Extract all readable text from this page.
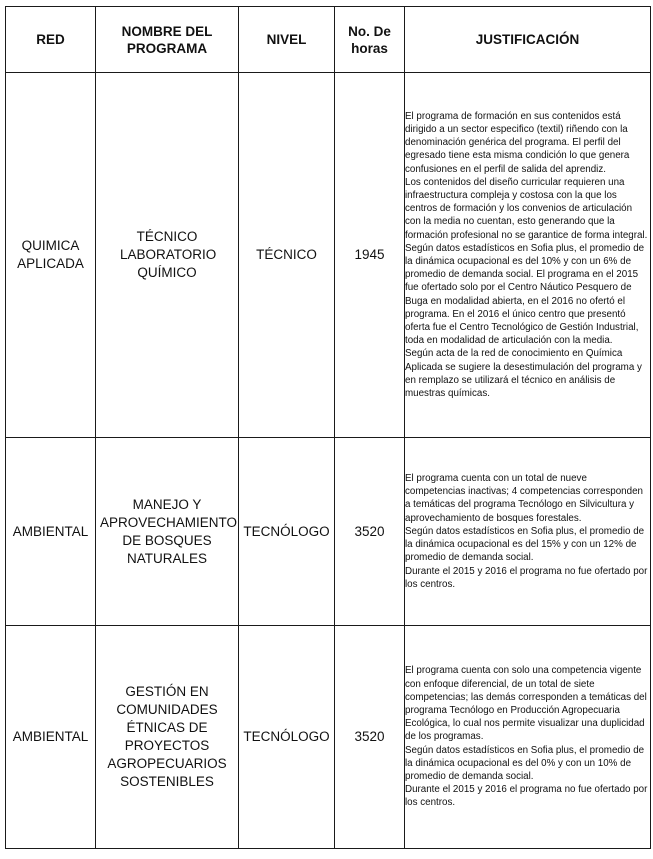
RED	NOMBRE DEL PROGRAMA	NIVEL	No. De horas	JUSTIFICACIÓN
QUIMICA APLICADA	TÉCNICO LABORATORIO QUÍMICO	TÉCNICO	1945	El programa de formación en sus contenidos está dirigido a un sector especifico (textil) riñendo con la denominación genérica del programa. El perfil del egresado tiene esta misma condición lo que genera confusiones en el perfil de salida del aprendiz.

Los contenidos del diseño curricular requieren una infraestructura compleja y costosa con la que los centros de formación y los convenios de articulación con la media no cuentan, esto generando que la formación profesional no se garantice de forma integral.

Según datos estadísticos en Sofia plus, el promedio de la dinámica ocupacional es del 10% y con un 6% de promedio de demanda social. El programa en el 2015 fue ofertado solo por el Centro Náutico Pesquero de Buga en modalidad abierta, en el 2016 no ofertó el programa. En el 2016 el único centro que presentó oferta fue el Centro Tecnológico de Gestión Industrial, toda en modalidad de articulación con la media.

Según acta de la red de conocimiento en Química Aplicada se sugiere la desestimulación del programa y en remplazo se utilizará el técnico en análisis de muestras químicas.

AMBIENTAL	MANEJO Y APROVECHAMIENTO DE BOSQUES NATURALES	TECNÓLOGO	3520	El programa cuenta con un total de nueve competencias inactivas; 4 competencias corresponden a temáticas del programa Tecnólogo en Silvicultura y aprovechamiento de bosques forestales.

Según datos estadísticos en Sofia plus, el promedio de la dinámica ocupacional es del 15% y con un 12% de promedio de demanda social.

Durante el 2015 y 2016 el programa no fue ofertado por los centros.

AMBIENTAL	GESTIÓN EN COMUNIDADES ÉTNICAS DE PROYECTOS AGROPECUARIOS SOSTENIBLES	TECNÓLOGO	3520	El programa cuenta con solo una competencia vigente con enfoque diferencial, de un total de siete competencias; las demás corresponden a temáticas del programa Tecnólogo en Producción Agropecuaria Ecológica, lo cual nos permite visualizar una duplicidad de los programas.

Según datos estadísticos en Sofia plus, el promedio de la dinámica ocupacional es del 0% y con un 10% de promedio de demanda social.

Durante el 2015 y 2016 el programa no fue ofertado por los centros.
